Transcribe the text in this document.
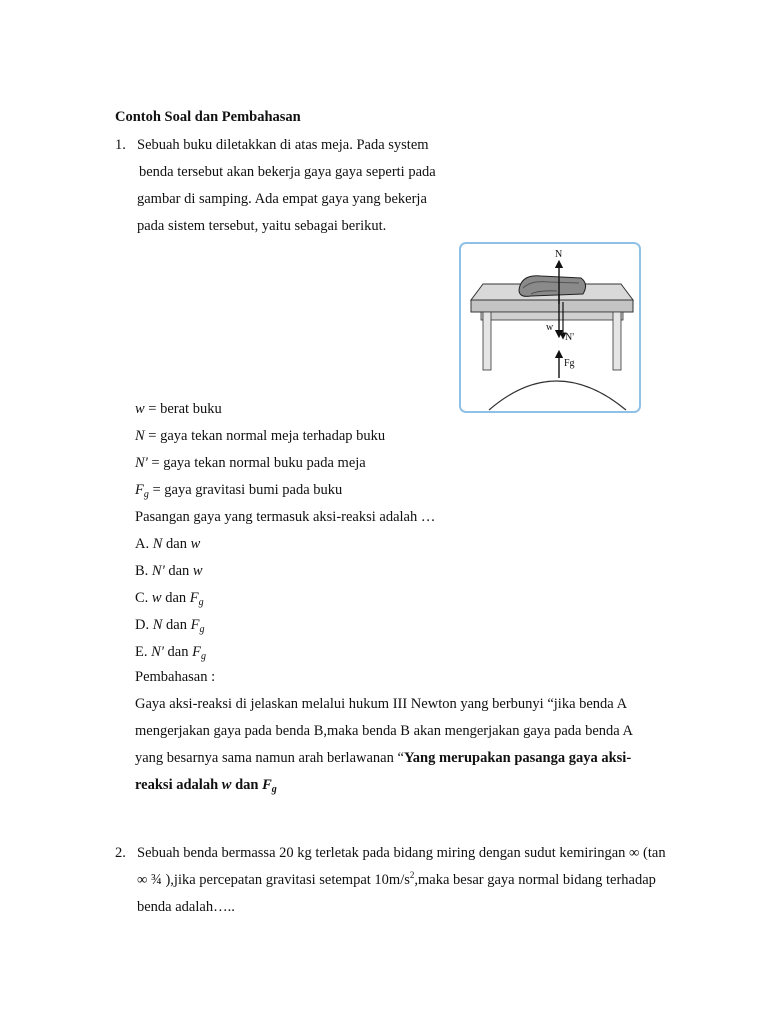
Contoh Soal dan Pembahasan
1. Sebuah buku diletakkan di atas meja. Pada system
benda tersebut akan bekerja gaya gaya seperti pada
gambar di samping. Ada empat gaya yang bekerja
pada sistem tersebut, yaitu sebagai berikut.
N
w
N'
Fg
w = berat buku
N = gaya tekan normal meja terhadap buku
N' = gaya tekan normal buku pada meja
$F_g$ = gaya gravitasi bumi pada buku
Pasangan gaya yang termasuk aksi-reaksi adalah …
A. N dan w
B. N' dan w
C. w dan $F_g$
D. N dan $F_g$
E. N' dan $F_g$
Pembahasan :
Gaya aksi-reaksi di jelaskan melalui hukum III Newton yang berbunyi “jika benda A
mengerjakan gaya pada benda B,maka benda B akan mengerjakan gaya pada benda A
yang besarnya sama namun arah berlawanan “Yang merupakan pasanga gaya aksi-
reaksi adalah w dan $F_g$
2. Sebuah benda bermassa 20 kg terletak pada bidang miring dengan sudut kemiringan ∞ (tan
∞ ¾ ),jika percepatan gravitasi setempat $10m/s^2,maka$ besar gaya normal bidang terhadap
benda adalah…..
